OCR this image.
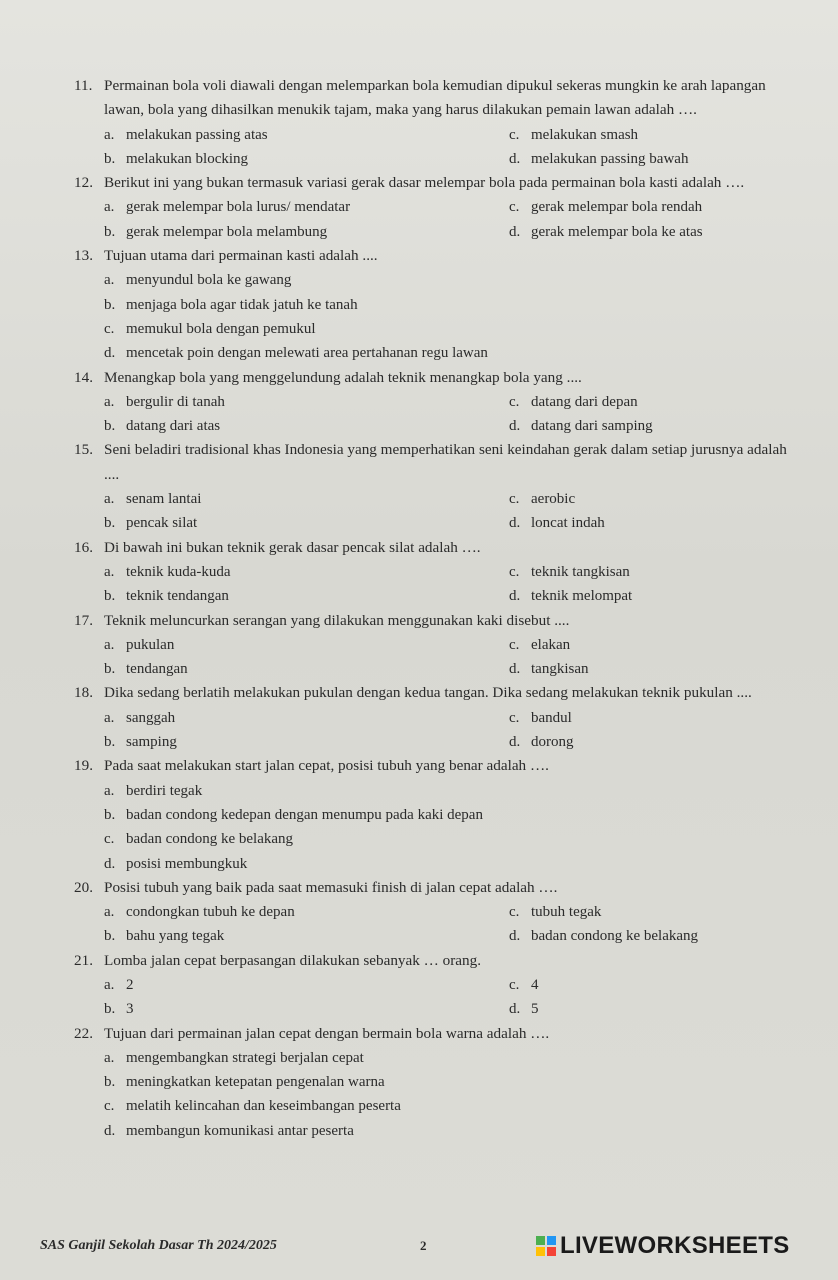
11. Permainan bola voli diawali dengan melemparkan bola kemudian dipukul sekeras mungkin ke arah lapangan lawan, bola yang dihasilkan menukik tajam, maka yang harus dilakukan pemain lawan adalah ….
a. melakukan passing atas	c. melakukan smash
b. melakukan blocking	d. melakukan passing bawah
12. Berikut ini yang bukan termasuk variasi gerak dasar melempar bola pada permainan bola kasti adalah ….
a. gerak melempar bola lurus/ mendatar	c. gerak melempar bola rendah
b. gerak melempar bola melambung	d. gerak melempar bola ke atas
13. Tujuan utama dari permainan kasti adalah ....
a. menyundul bola ke gawang
b. menjaga bola agar tidak jatuh ke tanah
c. memukul bola dengan pemukul
d. mencetak poin dengan melewati area pertahanan regu lawan
14. Menangkap bola yang menggelundung adalah teknik menangkap bola yang ....
a. bergulir di tanah	c. datang dari depan
b. datang dari atas	d. datang dari samping
15. Seni beladiri tradisional khas Indonesia yang memperhatikan seni keindahan gerak dalam setiap jurusnya adalah ....
a. senam lantai	c. aerobic
b. pencak silat	d. loncat indah
16. Di bawah ini bukan teknik gerak dasar pencak silat adalah ….
a. teknik kuda-kuda	c. teknik tangkisan
b. teknik tendangan	d. teknik melompat
17. Teknik meluncurkan serangan yang dilakukan menggunakan kaki disebut ....
a. pukulan	c. elakan
b. tendangan	d. tangkisan
18. Dika sedang berlatih melakukan pukulan dengan kedua tangan. Dika sedang melakukan teknik pukulan ....
a. sanggah	c. bandul
b. samping	d. dorong
19. Pada saat melakukan start jalan cepat, posisi tubuh yang benar adalah ….
a. berdiri tegak
b. badan condong kedepan dengan menumpu pada kaki depan
c. badan condong ke belakang
d. posisi membungkuk
20. Posisi tubuh yang baik pada saat memasuki finish di jalan cepat adalah ….
a. condongkan tubuh ke depan	c. tubuh tegak
b. bahu yang tegak	d. badan condong ke belakang
21. Lomba jalan cepat berpasangan dilakukan sebanyak … orang.
a. 2	c. 4
b. 3	d. 5
22. Tujuan dari permainan jalan cepat dengan bermain bola warna adalah ….
a. mengembangkan strategi berjalan cepat
b. meningkatkan ketepatan pengenalan warna
c. melatih kelincahan dan keseimbangan peserta
d. membangun komunikasi antar peserta
SAS Ganjil Sekolah Dasar Th 2024/2025	2	LIVEWORKSHEETS
